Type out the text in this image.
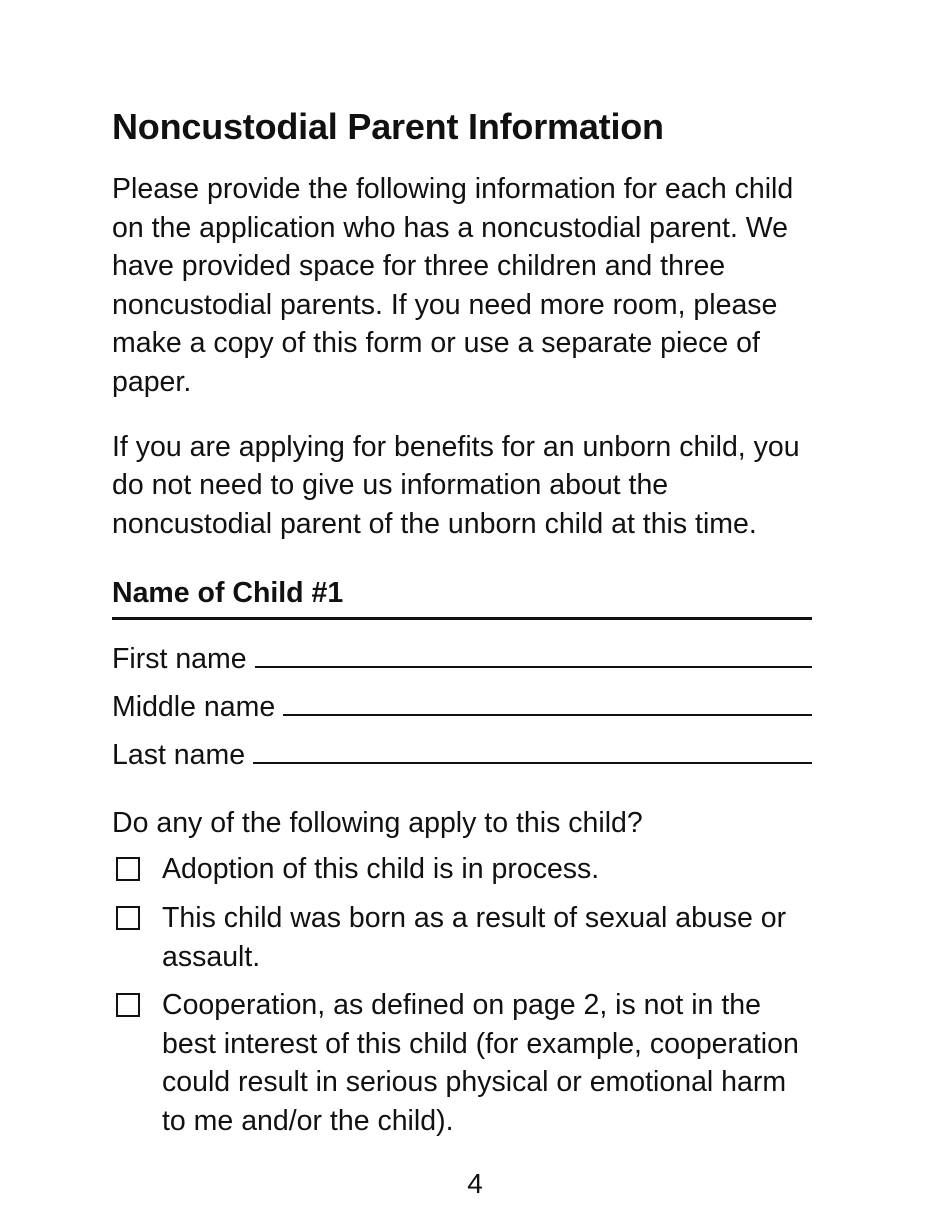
Noncustodial Parent Information

Please provide the following information for each child on the application who has a noncustodial parent. We have provided space for three children and three noncustodial parents. If you need more room, please make a copy of this form or use a separate piece of paper.

If you are applying for benefits for an unborn child, you do not need to give us information about the noncustodial parent of the unborn child at this time.

Name of Child #1
First name
Middle name
Last name
Do any of the following apply to this child?
Adoption of this child is in process.
This child was born as a result of sexual abuse or assault.
Cooperation, as defined on page 2, is not in the best interest of this child (for example, cooperation could result in serious physical or emotional harm to me and/or the child).
4
